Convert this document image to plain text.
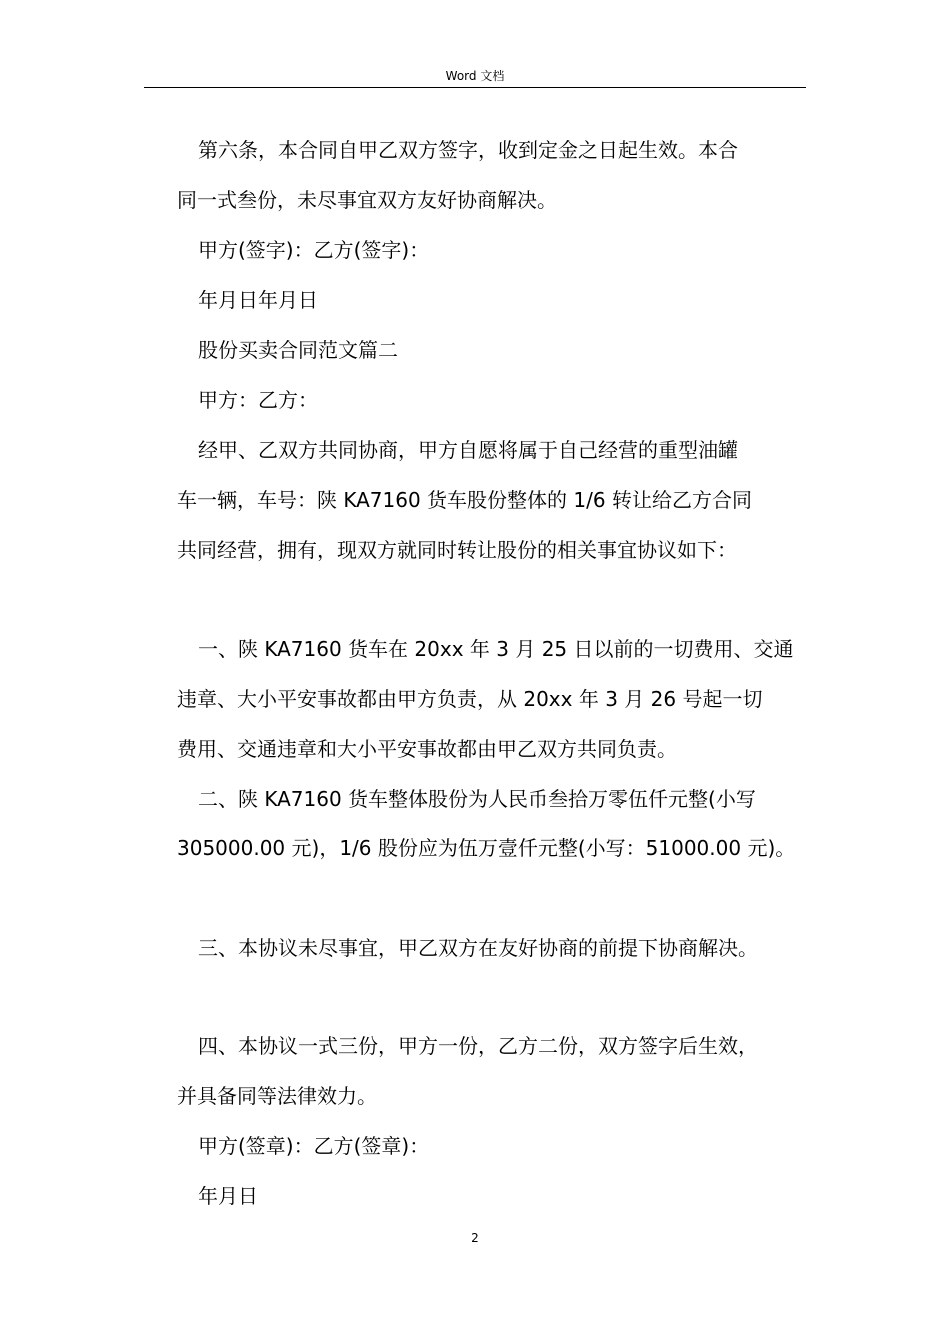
Word 文档
第六条，本合同自甲乙双方签字，收到定金之日起生效。本合
同一式叁份，未尽事宜双方友好协商解决。
甲方(签字)：乙方(签字)：
年月日年月日
股份买卖合同范文篇二
甲方：乙方：
经甲、乙双方共同协商，甲方自愿将属于自己经营的重型油罐
车一辆，车号：陕 KA7160 货车股份整体的 1/6 转让给乙方合同
共同经营，拥有，现双方就同时转让股份的相关事宜协议如下：
一、陕 KA7160 货车在 20xx 年 3 月 25 日以前的一切费用、交通
违章、大小平安事故都由甲方负责，从 20xx 年 3 月 26 号起一切
费用、交通违章和大小平安事故都由甲乙双方共同负责。
二、陕 KA7160 货车整体股份为人民币叁拾万零伍仟元整(小写
305000.00 元)，1/6 股份应为伍万壹仟元整(小写：51000.00 元)。
三、本协议未尽事宜，甲乙双方在友好协商的前提下协商解决。
四、本协议一式三份，甲方一份，乙方二份，双方签字后生效，
并具备同等法律效力。
甲方(签章)：乙方(签章)：
年月日
2
